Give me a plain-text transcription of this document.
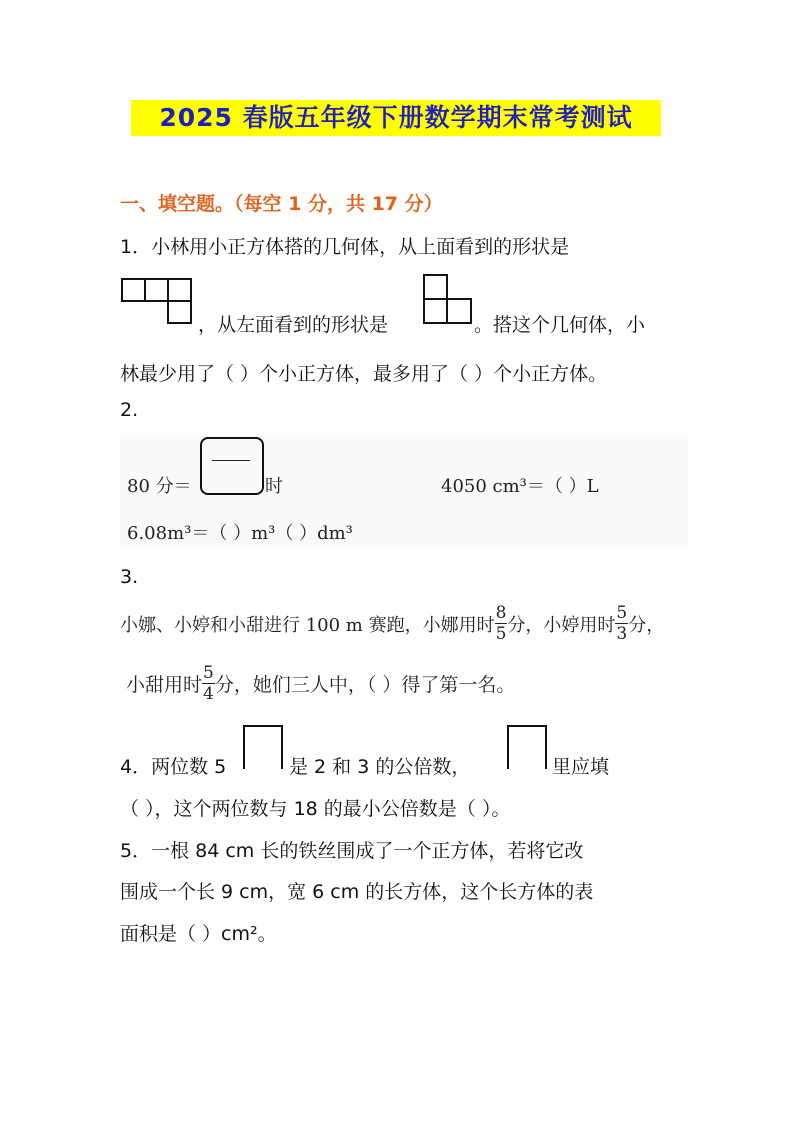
2025 春版五年级下册数学期末常考测试
一、填空题。（每空 1 分，共 17 分）
1．小林用小正方体搭的几何体，从上面看到的形状是
，从左面看到的形状是	。搭这个几何体，小
林最少用了（ ）个小正方体，最多用了（ ）个小正方体。
2.
80 分＝	时	4050 cm³＝（ ）L
6.08m³＝（ ）m³（ ）dm³
3.
小娜、小婷和小甜进行 100 m 赛跑，小娜用时 $\frac{8}{5}$ 分，小婷用时 $\frac{5}{3}$ 分，
小甜用时 $\frac{5}{4}$ 分，她们三人中，（ ）得了第一名。
4．两位数 5	是 2 和 3 的公倍数，	里应填
（ ），这个两位数与 18 的最小公倍数是（ ）。
5．一根 84 cm 长的铁丝围成了一个正方体，若将它改
围成一个长 9 cm，宽 6 cm 的长方体，这个长方体的表
面积是（ ）cm²。
